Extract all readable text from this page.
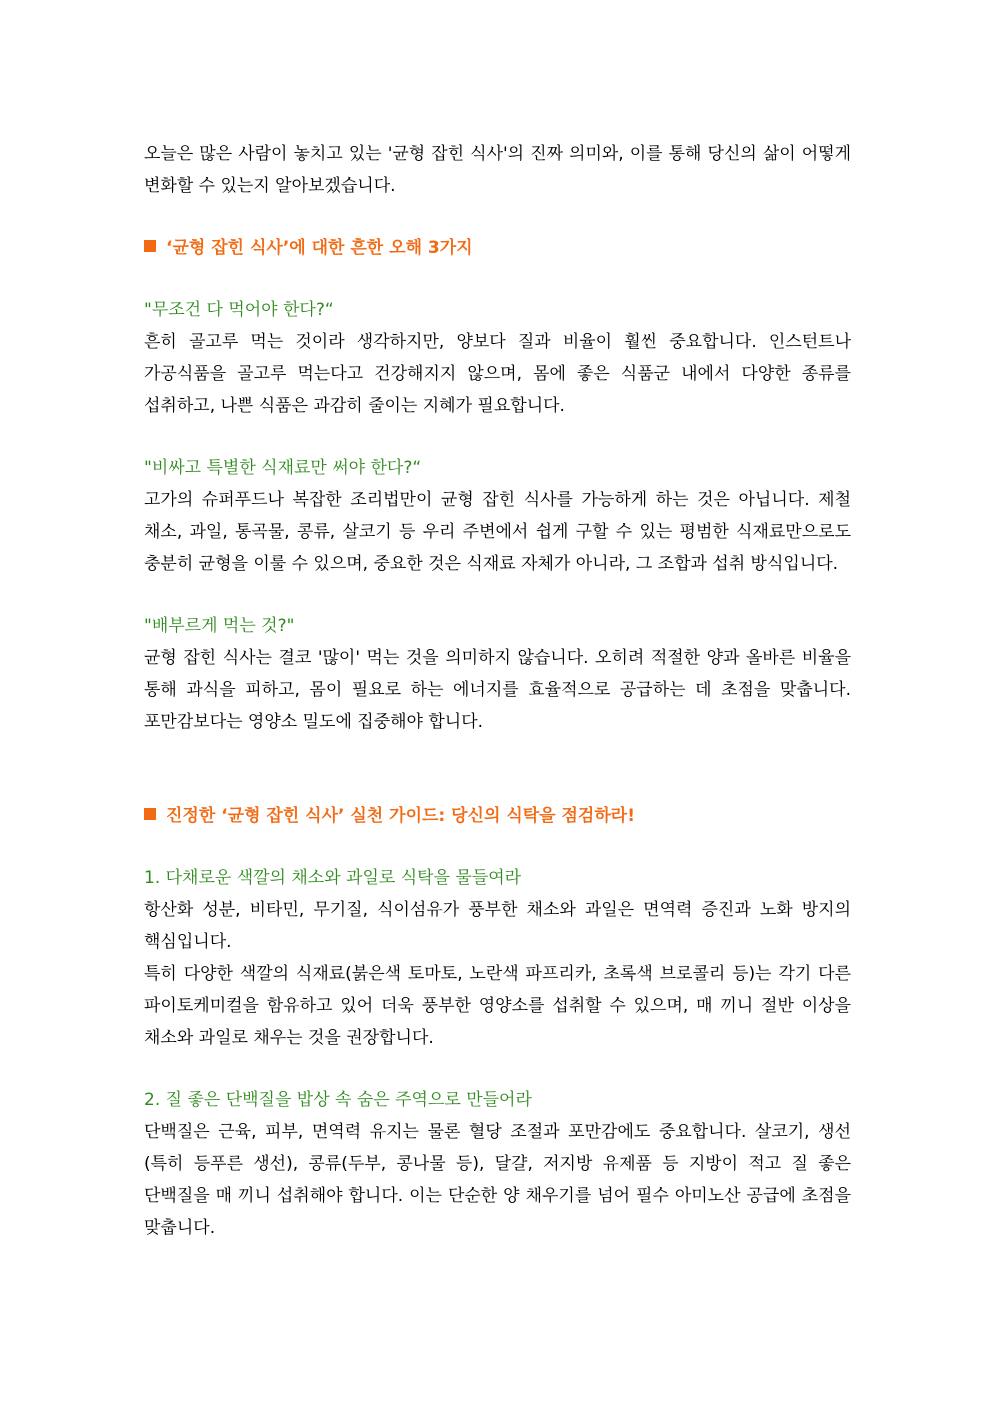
오늘은 많은 사람이 놓치고 있는 '균형 잡힌 식사'의 진짜 의미와, 이를 통해 당신의 삶이 어떻게 변화할 수 있는지 알아보겠습니다.

‘균형 잡힌 식사’에 대한 흔한 오해 3가지

"무조건 다 먹어야 한다?“

흔히 골고루 먹는 것이라 생각하지만, 양보다 질과 비율이 훨씬 중요합니다. 인스턴트나 가공식품을 골고루 먹는다고 건강해지지 않으며, 몸에 좋은 식품군 내에서 다양한 종류를 섭취하고, 나쁜 식품은 과감히 줄이는 지혜가 필요합니다.

"비싸고 특별한 식재료만 써야 한다?“

고가의 슈퍼푸드나 복잡한 조리법만이 균형 잡힌 식사를 가능하게 하는 것은 아닙니다. 제철 채소, 과일, 통곡물, 콩류, 살코기 등 우리 주변에서 쉽게 구할 수 있는 평범한 식재료만으로도 충분히 균형을 이룰 수 있으며, 중요한 것은 식재료 자체가 아니라, 그 조합과 섭취 방식입니다.

"배부르게 먹는 것?"

균형 잡힌 식사는 결코 '많이' 먹는 것을 의미하지 않습니다. 오히려 적절한 양과 올바른 비율을 통해 과식을 피하고, 몸이 필요로 하는 에너지를 효율적으로 공급하는 데 초점을 맞춥니다. 포만감보다는 영양소 밀도에 집중해야 합니다.

진정한 ‘균형 잡힌 식사’ 실천 가이드: 당신의 식탁을 점검하라!

1. 다채로운 색깔의 채소와 과일로 식탁을 물들여라

항산화 성분, 비타민, 무기질, 식이섬유가 풍부한 채소와 과일은 면역력 증진과 노화 방지의 핵심입니다.

특히 다양한 색깔의 식재료(붉은색 토마토, 노란색 파프리카, 초록색 브로콜리 등)는 각기 다른 파이토케미컬을 함유하고 있어 더욱 풍부한 영양소를 섭취할 수 있으며, 매 끼니 절반 이상을 채소와 과일로 채우는 것을 권장합니다.

2. 질 좋은 단백질을 밥상 속 숨은 주역으로 만들어라

단백질은 근육, 피부, 면역력 유지는 물론 혈당 조절과 포만감에도 중요합니다. 살코기, 생선(특히 등푸른 생선), 콩류(두부, 콩나물 등), 달걀, 저지방 유제품 등 지방이 적고 질 좋은 단백질을 매 끼니 섭취해야 합니다. 이는 단순한 양 채우기를 넘어 필수 아미노산 공급에 초점을 맞춥니다.
